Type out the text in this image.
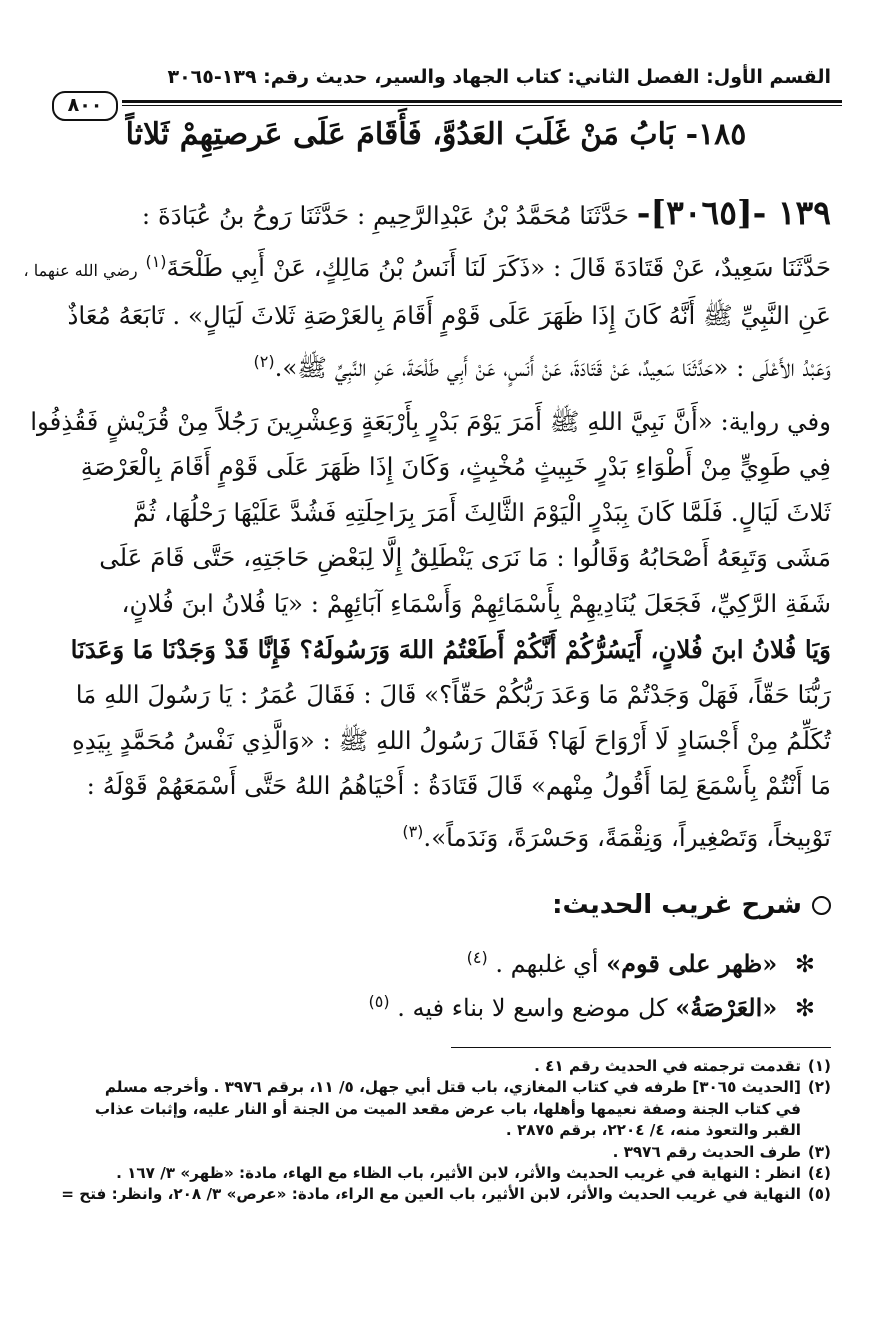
القسم الأول: الفصل الثاني: كتاب الجهاد والسير، حديث رقم: ١٣٩-٣٠٦٥
٨٠٠
١٨٥- بَابُ مَنْ غَلَبَ العَدُوَّ، فَأَقَامَ عَلَى عَرصتِهِمْ ثَلاثاً
١٣٩ -[٣٠٦٥]- حَدَّثَنَا مُحَمَّدُ بْنُ عَبْدِالرَّحِيمِ : حَدَّثَنَا رَوحُ بنُ عُبَادَةَ :
حَدَّثَنَا سَعِيدٌ، عَنْ قَتَادَةَ قَالَ : «ذَكَرَ لَنَا أَنَسُ بْنُ مَالِكٍ، عَنْ أَبِي طَلْحَةَ$^{(١)}$ رضي الله عنهما ،
عَنِ النَّبِيِّ ﷺ أَنَّهُ كَانَ إِذَا ظَهَرَ عَلَى قَوْمٍ أَقَامَ بِالعَرْصَةِ ثَلاثَ لَيَالٍ» . تَابَعَهُ مُعَاذٌ
وَعَبْدُ الأَعْلَى : «حَدَّثَنَا سَعِيدٌ، عَنْ قَتَادَةَ، عَنْ أَنَسٍ، عَنْ أَبِي طَلْحَةَ، عَنِ النَّبِيِّ ﷺ».$^{(٢)}$
وفي رواية: «أَنَّ نَبِيَّ اللهِ ﷺ أَمَرَ يَوْمَ بَدْرٍ بِأَرْبَعَةٍ وَعِشْرِينَ رَجُلاً مِنْ قُرَيْشٍ فَقُذِفُوا
فِي طَوِيٍّ مِنْ أَطْوَاءِ بَدْرٍ خَبِيثٍ مُخْبِثٍ، وَكَانَ إِذَا ظَهَرَ عَلَى قَوْمٍ أَقَامَ بِالْعَرْصَةِ
ثَلاثَ لَيَالٍ. فَلَمَّا كَانَ بِبَدْرٍ الْيَوْمَ الثَّالِثَ أَمَرَ بِرَاحِلَتِهِ فَشُدَّ عَلَيْهَا رَحْلُهَا، ثُمَّ
مَشَى وَتَبِعَهُ أَصْحَابُهُ وَقَالُوا : مَا نَرَى يَنْطَلِقُ إِلَّا لِبَعْضِ حَاجَتِهِ، حَتَّى قَامَ عَلَى
شَفَةِ الرَّكِيِّ، فَجَعَلَ يُنَادِيهِمْ بِأَسْمَائِهِمْ وَأَسْمَاءِ آبَائِهِمْ : «يَا فُلانُ ابنَ فُلانٍ،
وَيَا فُلانُ ابنَ فُلانٍ، أَيَسُرُّكُمْ أَنَّكُمْ أَطَعْتُمُ اللهَ وَرَسُولَهُ؟ فَإِنَّا قَدْ وَجَدْنَا مَا وَعَدَنَا
رَبُّنَا حَقّاً، فَهَلْ وَجَدْتُمْ مَا وَعَدَ رَبُّكُمْ حَقّاً؟» قَالَ : فَقَالَ عُمَرُ : يَا رَسُولَ اللهِ مَا
تُكَلِّمُ مِنْ أَجْسَادٍ لَا أَرْوَاحَ لَهَا؟ فَقَالَ رَسُولُ اللهِ ﷺ : «وَالَّذِي نَفْسُ مُحَمَّدٍ بِيَدِهِ
مَا أَنْتُمْ بِأَسْمَعَ لِمَا أَقُولُ مِنْهم» قَالَ قَتَادَةُ : أَحْيَاهُمُ اللهُ حَتَّى أَسْمَعَهُمْ قَوْلَهُ :
تَوْبِيخاً، وَتَصْغِيراً، وَنِقْمَةً، وَحَسْرَةً، وَنَدَماً».$^{(٣)}$
شرح غريب الحديث:
✻ «ظهر على قوم» أي غلبهم . $^{(٤)}$
✻ «العَرْصَةُ» كل موضع واسع لا بناء فيه . $^{(٥)}$
(١)
تقدمت ترجمته في الحديث رقم ٤١ .
(٢)
[الحديث ٣٠٦٥] طرفه في كتاب المغازي، باب قتل أبي جهل، ٥/ ١١، برقم ٣٩٧٦ . وأخرجه مسلم
في كتاب الجنة وصفة نعيمها وأهلها، باب عرض مقعد الميت من الجنة أو النار عليه، وإثبات عذاب
القبر والتعوذ منه، ٤/ ٢٢٠٤، برقم ٢٨٧٥ .
(٣)
طرف الحديث رقم ٣٩٧٦ .
(٤)
انظر : النهاية في غريب الحديث والأثر، لابن الأثير، باب الظاء مع الهاء، مادة: «ظهر» ٣/ ١٦٧ .
(٥)
النهاية في غريب الحديث والأثر، لابن الأثير، باب العين مع الراء، مادة: «عرص» ٣/ ٢٠٨، وانظر: فتح =
